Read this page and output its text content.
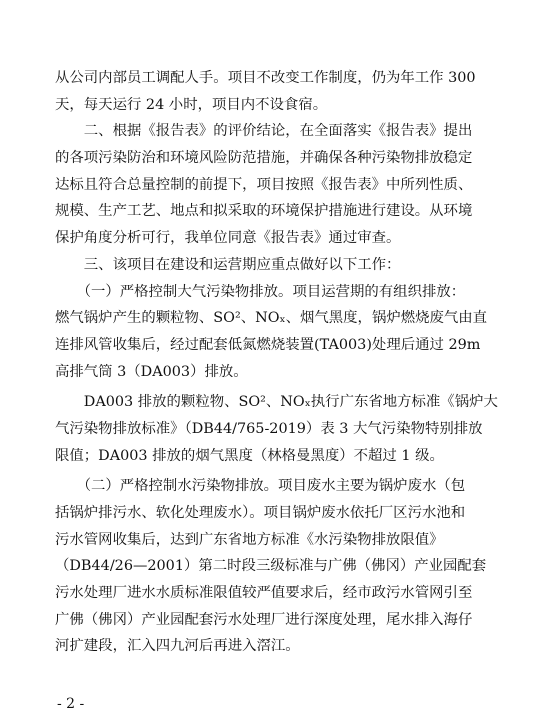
从公司内部员工调配人手。项目不改变工作制度，仍为年工作 300
天，每天运行 24 小时，项目内不设食宿。
　　二、根据《报告表》的评价结论，在全面落实《报告表》提出
的各项污染防治和环境风险防范措施，并确保各种污染物排放稳定
达标且符合总量控制的前提下，项目按照《报告表》中所列性质、
规模、生产工艺、地点和拟采取的环境保护措施进行建设。从环境
保护角度分析可行，我单位同意《报告表》通过审查。
　　三、该项目在建设和运营期应重点做好以下工作：
　　（一）严格控制大气污染物排放。项目运营期的有组织排放：
燃气锅炉产生的颗粒物、SO²、NOₓ、烟气黑度，锅炉燃烧废气由直
连排风管收集后，经过配套低氮燃烧装置(TA003)处理后通过 29m
高排气筒 3（DA003）排放。
　　DA003 排放的颗粒物、SO²、NOₓ执行广东省地方标准《锅炉大
气污染物排放标准》（DB44/765-2019）表 3 大气污染物特别排放
限值；DA003 排放的烟气黑度（林格曼黑度）不超过 1 级。
　　（二）严格控制水污染物排放。项目废水主要为锅炉废水（包
括锅炉排污水、软化处理废水）。项目锅炉废水依托厂区污水池和
污水管网收集后，达到广东省地方标准《水污染物排放限值》
（DB44/26—2001）第二时段三级标准与广佛（佛冈）产业园配套
污水处理厂进水水质标准限值较严值要求后，经市政污水管网引至
广佛（佛冈）产业园配套污水处理厂进行深度处理，尾水排入海仔
河扩建段，汇入四九河后再进入滘江。
- 2 -
